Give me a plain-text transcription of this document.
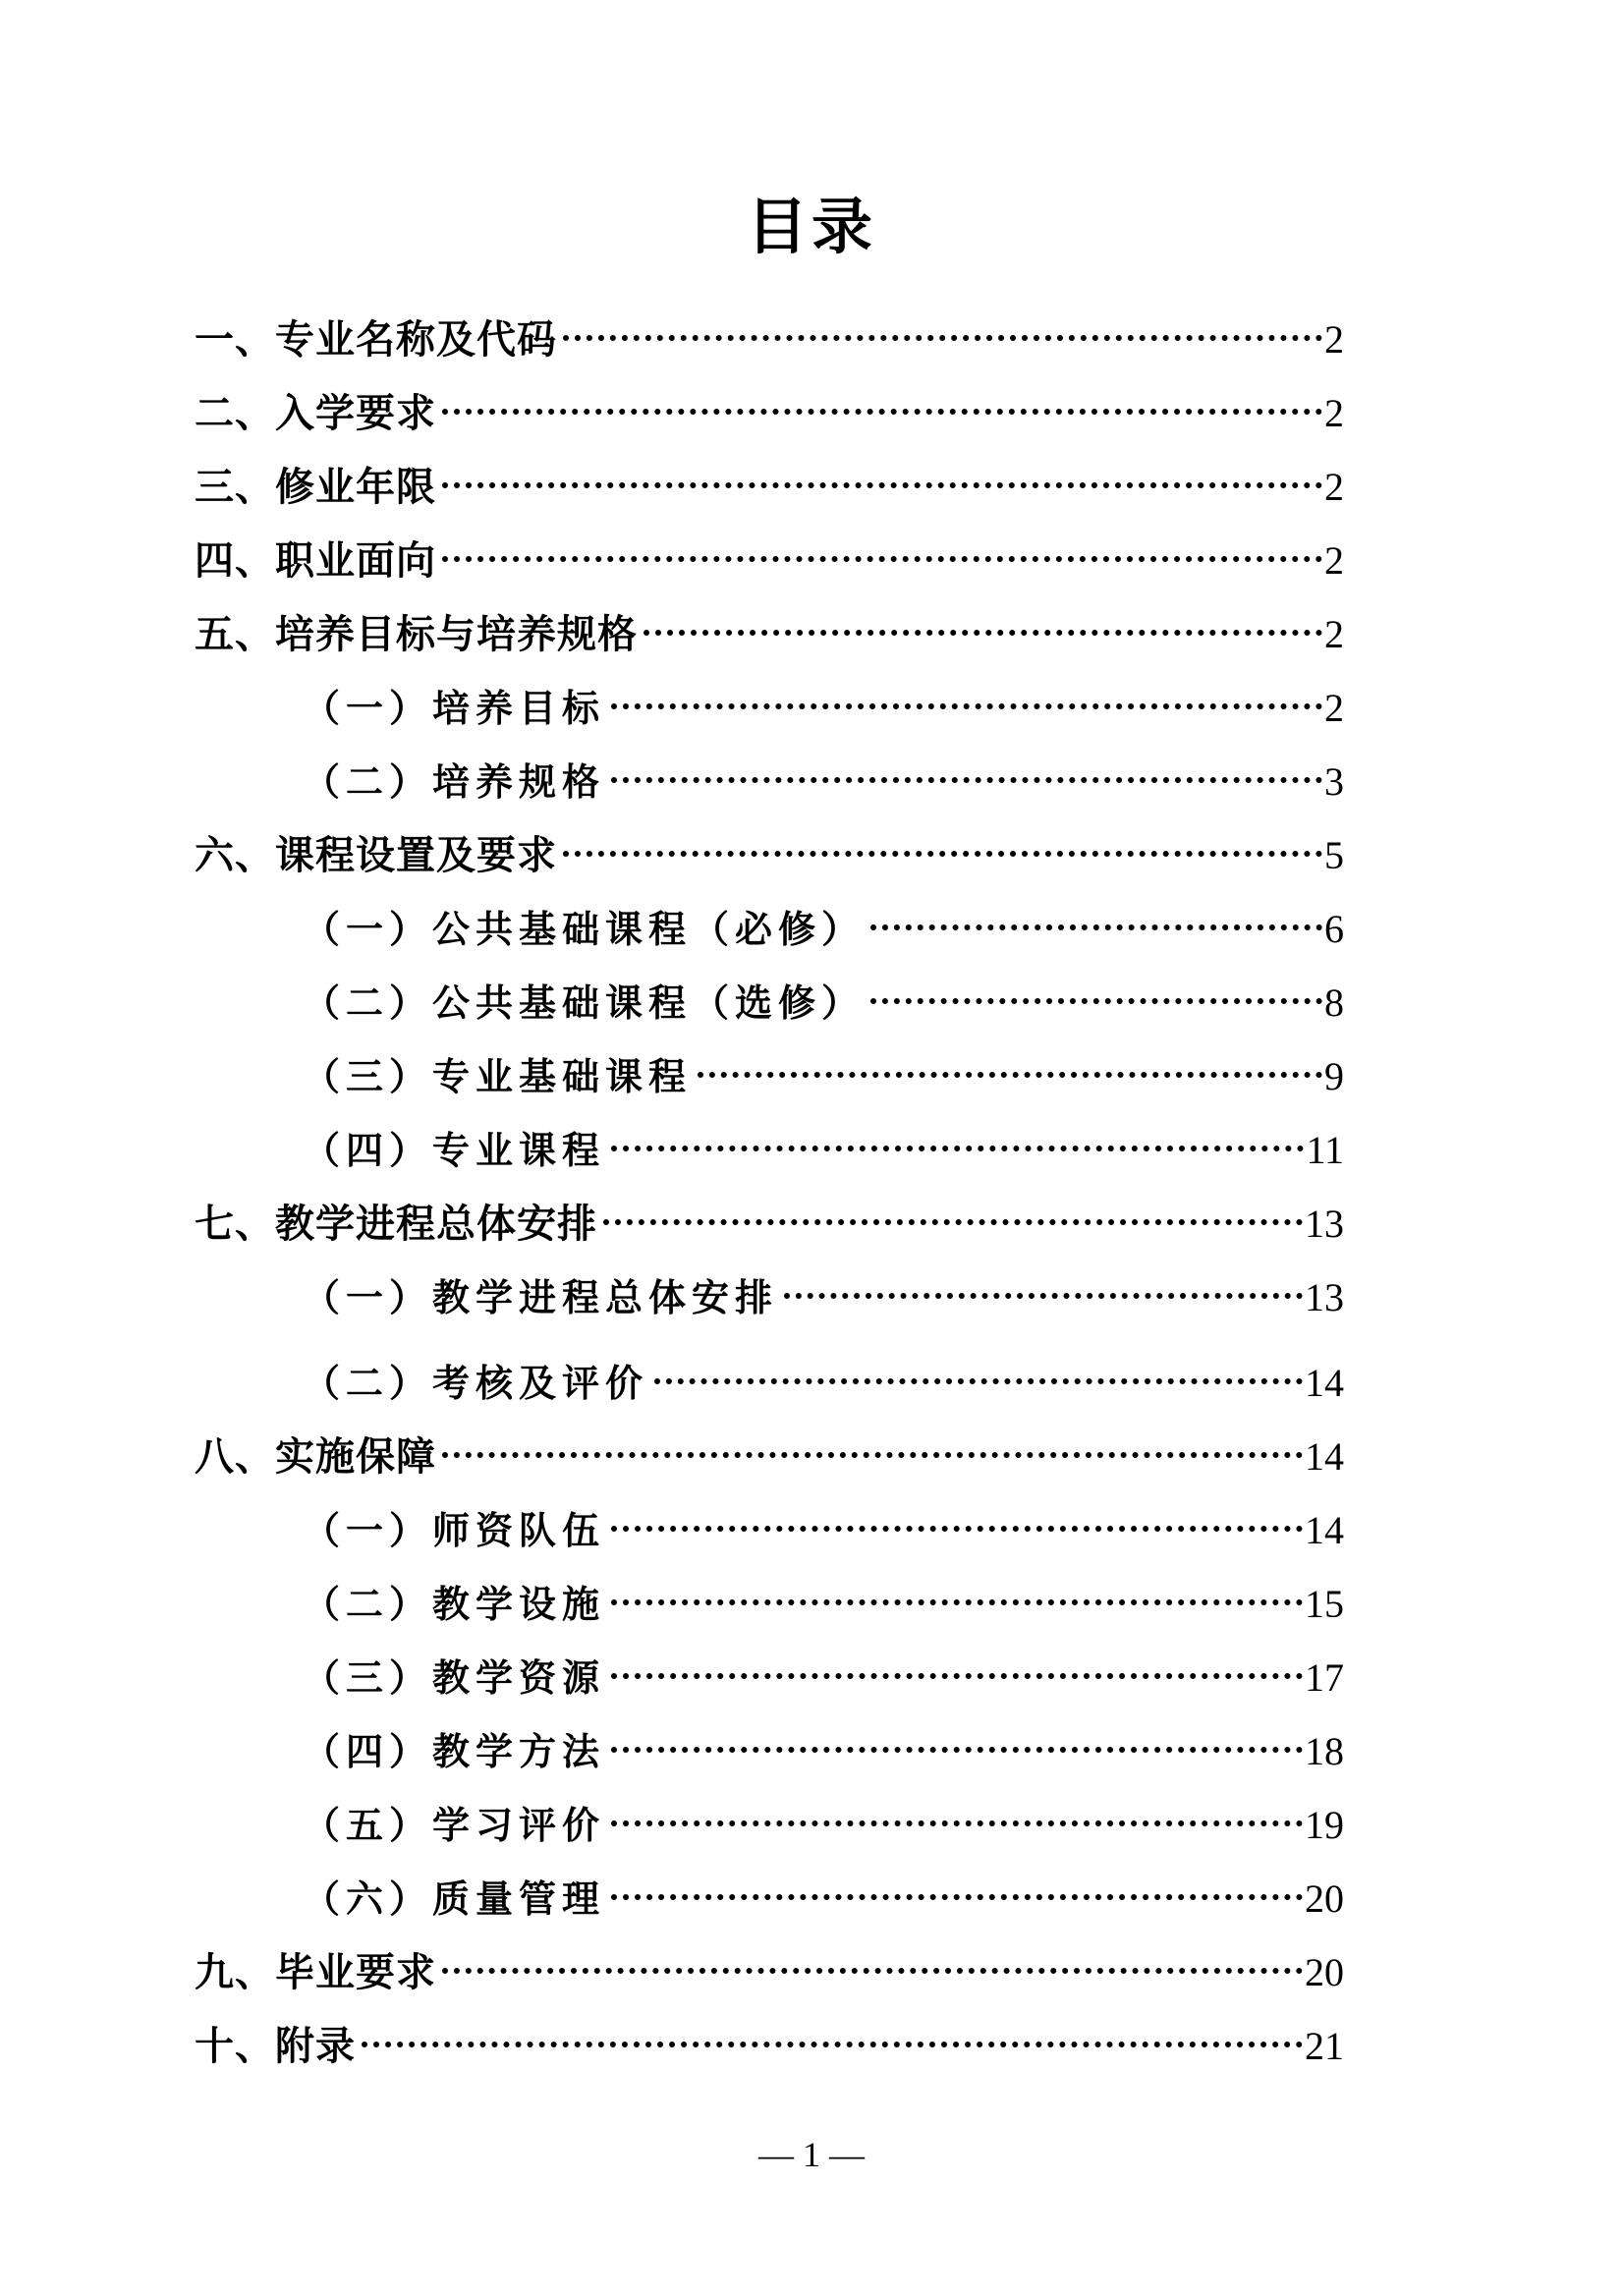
目录
一、专业名称及代码	2
二、入学要求	2
三、修业年限	2
四、职业面向	2
五、培养目标与培养规格	2
（一）培养目标	2
（二）培养规格	3
六、课程设置及要求	5
（一）公共基础课程（必修）	6
（二）公共基础课程（选修）	8
（三）专业基础课程	9
（四）专业课程	11
七、教学进程总体安排	13
（一）教学进程总体安排	13
（二）考核及评价	14
八、实施保障	14
（一）师资队伍	14
（二）教学设施	15
（三）教学资源	17
（四）教学方法	18
（五）学习评价	19
（六）质量管理	20
九、毕业要求	20
十、附录	21
— 1 —
